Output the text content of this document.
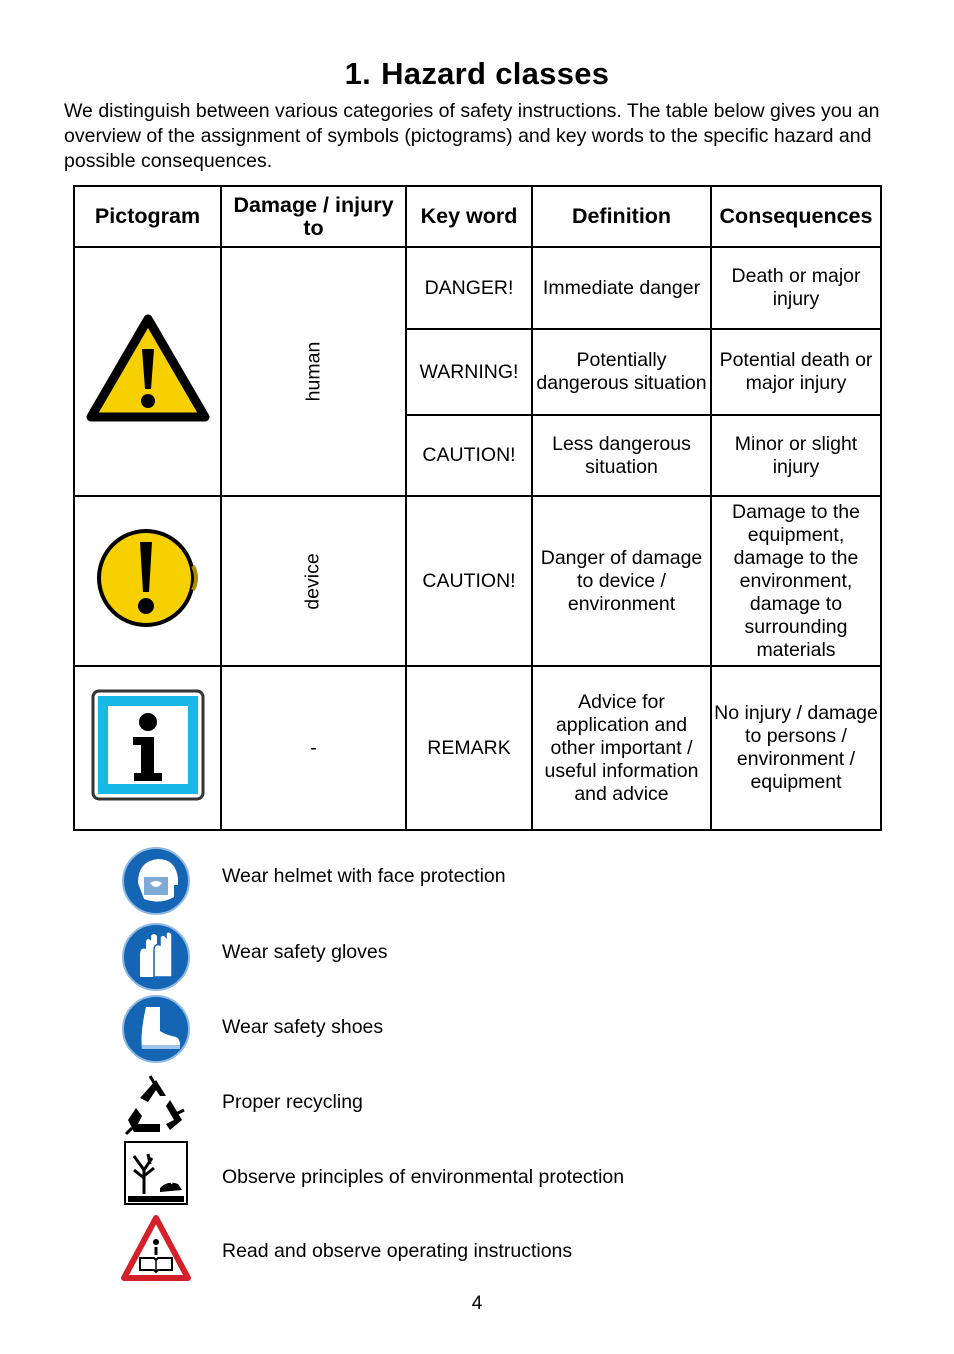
1. Hazard classes
We distinguish between various categories of safety instructions. The table below gives you an overview of the assignment of symbols (pictograms) and key words to the specific hazard and possible consequences.
Pictogram	Damage / injury to	Key word	Definition	Consequences
	human	DANGER!	Immediate danger	Death or major injury
		WARNING!	Potentially dangerous situation	Potential death or major injury
		CAUTION!	Less dangerous situation	Minor or slight injury
	device	CAUTION!	Danger of damage to device / environment	Damage to the equipment, damage to the environment, damage to surrounding materials
	-	REMARK	Advice for application and other important / useful information and advice	No injury / damage to persons / environment / equipment
Wear helmet with face protection
Wear safety gloves
Wear safety shoes
Proper recycling
Observe principles of environmental protection
Read and observe operating instructions
4
